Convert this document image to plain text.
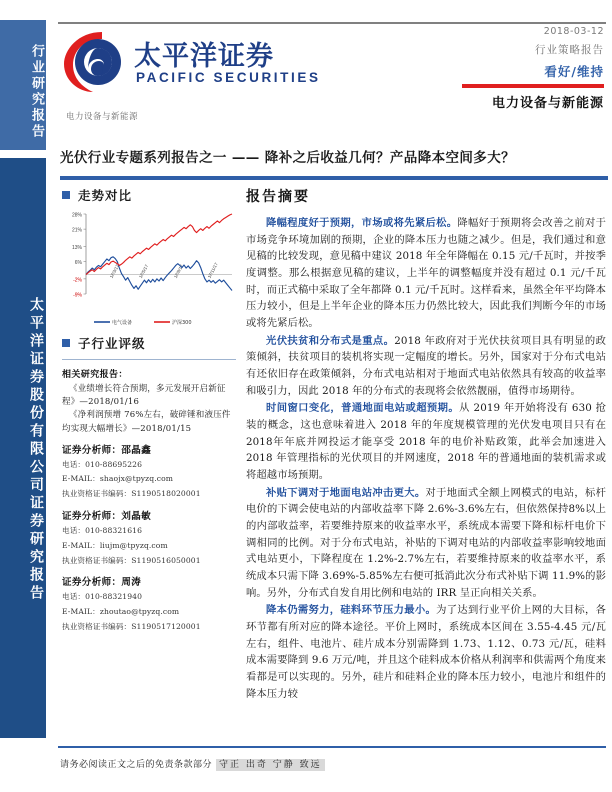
行业研究报告
太平洋证券股份有限公司证券研究报告
太平洋证券
PACIFIC SECURITIES
电力设备与新能源
2018-03-12
行业策略报告
看好/维持
电力设备与新能源
光伏行业专题系列报告之一 —— 降补之后收益几何？产品降本空间多大？
走势对比
28%
21%
13%
6%
-2%
-9%
17/3/17	17/5/17	17/8/17	17/11/17
电气设备	沪深300
子行业评级
相关研究报告：
《业绩增长符合预期，多元发展开启新征程》—2018/01/16
《净利润预增 76%左右，破碎锤和液压件均实现大幅增长》—2018/01/15
证券分析师：邵晶鑫
电话：010-88695226
E-MAIL：shaojx@tpyzq.com
执业资格证书编码：S1190518020001
证券分析师：刘晶敏
电话：010-88321616
E-MAIL：liujm@tpyzq.com
执业资格证书编码：S1190516050001
证券分析师：周涛
电话：010-88321940
E-MAIL：zhoutao@tpyzq.com
执业资格证书编码：S1190517120001
报告摘要
降幅程度好于预期，市场或将先紧后松。降幅好于预期将会改善之前对于市场竞争环境加剧的预期，企业的降本压力也随之减少。但是，我们通过和意见稿的比较发现，意见稿中建议 2018 年全年降幅在 0.15 元/千瓦时，并按季度调整。那么根据意见稿的建议，上半年的调整幅度并没有超过 0.1 元/千瓦时，而正式稿中采取了全年都降 0.1 元/千瓦时。这样看来，虽然全年平均降本压力较小，但是上半年企业的降本压力仍然比较大，因此我们判断今年的市场或将先紧后松。
光伏扶贫和分布式是重点。2018 年政府对于光伏扶贫项目具有明显的政策倾斜，扶贫项目的装机将实现一定幅度的增长。另外，国家对于分布式电站有还依旧存在政策倾斜，分布式电站相对于地面式电站依然具有较高的收益率和吸引力，因此 2018 年的分布式的表现将会依然靓丽，值得市场期待。
时间窗口变化，普通地面电站或超预期。从 2019 年开始将没有 630 抢装的概念，这也意味着进入 2018 年的年度规模管理的光伏发电项目只有在2018年年底并网投运才能享受 2018 年的电价补贴政策，此举会加速进入 2018 年管理指标的光伏项目的并网速度，2018 年的普通地面的装机需求或将超越市场预期。
补贴下调对于地面电站冲击更大。对于地面式全额上网模式的电站，标杆电价的下调会使电站的内部收益率下降 2.6%-3.6%左右，但依然保持8%以上的内部收益率，若要维持原来的收益率水平，系统成本需要下降和标杆电价下调相同的比例。对于分布式电站，补贴的下调对电站的内部收益率影响较地面式电站更小，下降程度在 1.2%-2.7%左右，若要维持原来的收益率水平，系统成本只需下降 3.69%-5.85%左右便可抵消此次分布式补贴下调 11.9%的影响。另外，分布式自发自用比例和电站的 IRR 呈正向相关关系。
降本仍需努力，硅料环节压力最小。为了达到行业平价上网的大目标，各环节都有所对应的降本途径。平价上网时，系统成本区间在 3.55-4.45 元/瓦左右，组件、电池片、硅片成本分别需降到 1.73、1.12、0.73 元/瓦，硅料成本需要降到 9.6 万元/吨，并且这个硅料成本价格从利润率和供需两个角度来看都是可以实现的。另外，硅片和硅料企业的降本压力较小，电池片和组件的降本压力较
请务必阅读正文之后的免责条款部分 守正 出奇 宁静 致远
